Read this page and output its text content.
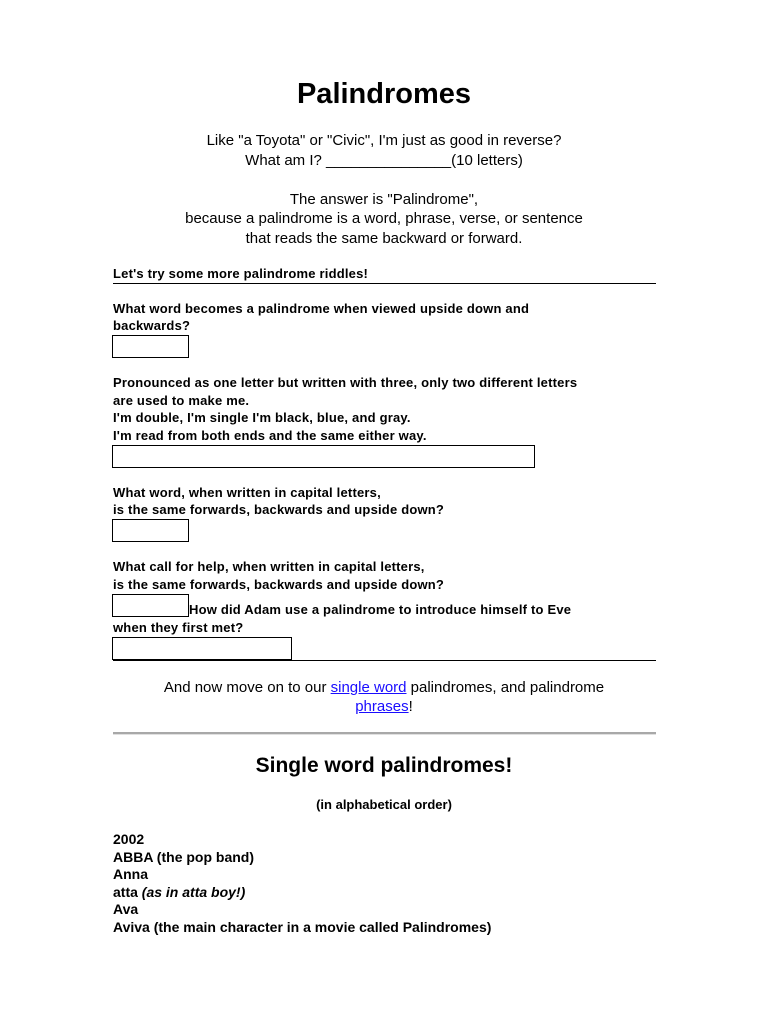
Palindromes
Like "a Toyota" or "Civic", I'm just as good in reverse?
What am I? _______________(10 letters)
The answer is "Palindrome",
because a palindrome is a word, phrase, verse, or sentence
that reads the same backward or forward.
Let's try some more palindrome riddles!
What word becomes a palindrome when viewed upside down and
backwards?
Pronounced as one letter but written with three, only two different letters
are used to make me.
I'm double, I'm single I'm black, blue, and gray.
I'm read from both ends and the same either way.
What word, when written in capital letters,
is the same forwards, backwards and upside down?
What call for help, when written in capital letters,
is the same forwards, backwards and upside down?
How did Adam use a palindrome to introduce himself to Eve
when they first met?
And now move on to our single word palindromes, and palindrome
phrases!
Single word palindromes!
(in alphabetical order)
2002
ABBA (the pop band)
Anna
atta (as in atta boy!)
Ava
Aviva (the main character in a movie called Palindromes)
